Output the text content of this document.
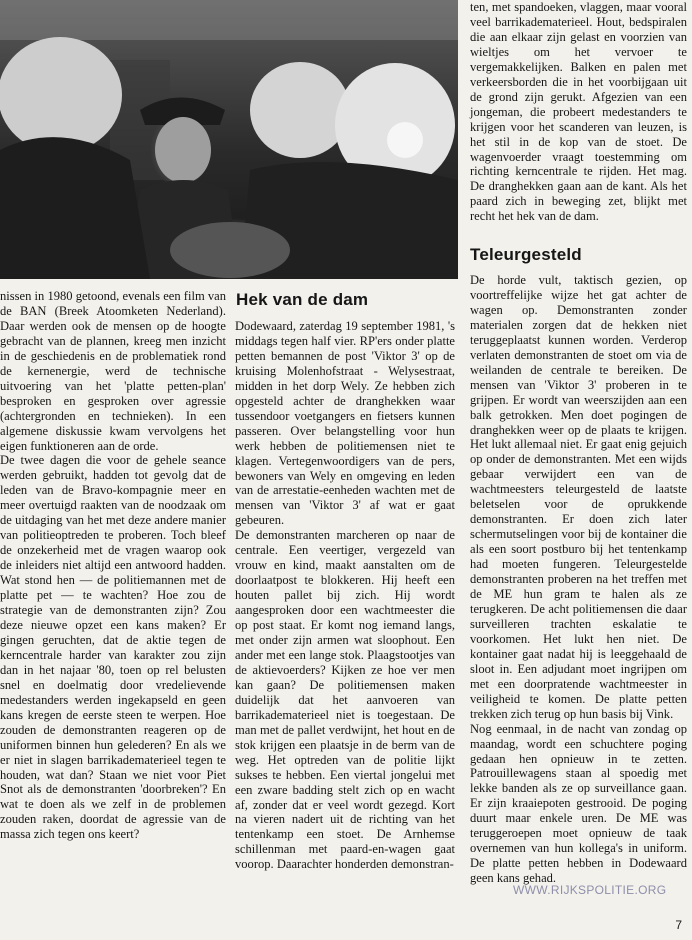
nissen in 1980 getoond, evenals een film van de BAN (Breek Atoomketen Nederland). Daar werden ook de mensen op de hoogte gebracht van de plannen, kreeg men inzicht in de geschiedenis en de problematiek rond de kernenergie, werd de technische uitvoering van het 'platte petten-plan' besproken en gesproken over agressie (achtergronden en technieken). In een algemene diskussie kwam vervolgens het eigen funktioneren aan de orde.

De twee dagen die voor de gehele seance werden gebruikt, hadden tot gevolg dat de leden van de Bravo-kompagnie meer en meer overtuigd raakten van de noodzaak om de uitdaging van het met deze andere manier van politieoptreden te proberen. Toch bleef de onzekerheid met de vragen waarop ook de inleiders niet altijd een antwoord hadden. Wat stond hen — de politiemannen met de platte pet — te wachten? Hoe zou de strategie van de demonstranten zijn? Zou deze nieuwe opzet een kans maken? Er gingen geruchten, dat de aktie tegen de kerncentrale harder van karakter zou zijn dan in het najaar '80, toen op rel belusten snel en doelmatig door vredelievende medestanders werden ingekapseld en geen kans kregen de eerste steen te werpen. Hoe zouden de demonstranten reageren op de uniformen binnen hun gelederen? En als we er niet in slagen barrikadematerieel tegen te houden, wat dan? Staan we niet voor Piet Snot als de demonstranten 'doorbreken'? En wat te doen als we zelf in de problemen zouden raken, doordat de agressie van de massa zich tegen ons keert?

Hek van de dam

Dodewaard, zaterdag 19 september 1981, 's middags tegen half vier. RP'ers onder platte petten bemannen de post 'Viktor 3' op de kruising Molenhofstraat - Welysestraat, midden in het dorp Wely. Ze hebben zich opgesteld achter de dranghekken waar tussendoor voetgangers en fietsers kunnen passeren. Over belangstelling voor hun werk hebben de politiemensen niet te klagen. Vertegenwoordigers van de pers, bewoners van Wely en omgeving en leden van de arrestatie-eenheden wachten met de mensen van 'Viktor 3' af wat er gaat gebeuren.

De demonstranten marcheren op naar de centrale. Een veertiger, vergezeld van vrouw en kind, maakt aanstalten om de doorlaatpost te blokkeren. Hij heeft een houten pallet bij zich. Hij wordt aangesproken door een wachtmeester die op post staat. Er komt nog iemand langs, met onder zijn armen wat sloophout. Een ander met een lange stok. Plaagstootjes van de aktievoerders? Kijken ze hoe ver men kan gaan? De politiemensen maken duidelijk dat het aanvoeren van barrikadematerieel niet is toegestaan. De man met de pallet verdwijnt, het hout en de stok krijgen een plaatsje in de berm van de weg. Het optreden van de politie lijkt sukses te hebben. Een viertal jongelui met een zware badding stelt zich op en wacht af, zonder dat er veel wordt gezegd. Kort na vieren nadert uit de richting van het tentenkamp een stoet. De Arnhemse schillenman met paard-en-wagen gaat voorop. Daarachter honderden demonstran-

ten, met spandoeken, vlaggen, maar vooral veel barrikadematerieel. Hout, bedspiralen die aan elkaar zijn gelast en voorzien van wieltjes om het vervoer te vergemakkelijken. Balken en palen met verkeersborden die in het voorbijgaan uit de grond zijn gerukt. Afgezien van een jongeman, die probeert medestanders te krijgen voor het scanderen van leuzen, is het stil in de kop van de stoet. De wagenvoerder vraagt toestemming om richting kerncentrale te rijden. Het mag. De dranghekken gaan aan de kant. Als het paard zich in beweging zet, blijkt met recht het hek van de dam.

Teleurgesteld

De horde vult, taktisch gezien, op voortreffelijke wijze het gat achter de wagen op. Demonstranten zonder materialen zorgen dat de hekken niet teruggeplaatst kunnen worden. Verderop verlaten demonstranten de stoet om via de weilanden de centrale te bereiken. De mensen van 'Viktor 3' proberen in te grijpen. Er wordt van weerszijden aan een balk getrokken. Men doet pogingen de dranghekken weer op de plaats te krijgen. Het lukt allemaal niet. Er gaat enig gejuich op onder de demonstranten. Met een wijds gebaar verwijdert een van de wachtmeesters teleurgesteld de laatste beletselen voor de oprukkende demonstranten. Er doen zich later schermutselingen voor bij de kontainer die als een soort postburo bij het tentenkamp had moeten fungeren. Teleurgestelde demonstranten proberen na het treffen met de ME hun gram te halen als ze terugkeren. De acht politiemensen die daar surveilleren trachten eskalatie te voorkomen. Het lukt hen niet. De kontainer gaat nadat hij is leeggehaald de sloot in. Een adjudant moet ingrijpen om met een doorpratende wachtmeester in veiligheid te komen. De platte petten trekken zich terug op hun basis bij Vink.

Nog eenmaal, in de nacht van zondag op maandag, wordt een schuchtere poging gedaan hen opnieuw in te zetten. Patrouillewagens staan al spoedig met lekke banden als ze op surveillance gaan. Er zijn kraaiepoten gestrooid. De poging duurt maar enkele uren. De ME was teruggeroepen moet opnieuw de taak overnemen van hun kollega's in uniform. De platte petten hebben in Dodewaard geen kans gehad.

WWW.RIJKSPOLITIE.ORG
7
